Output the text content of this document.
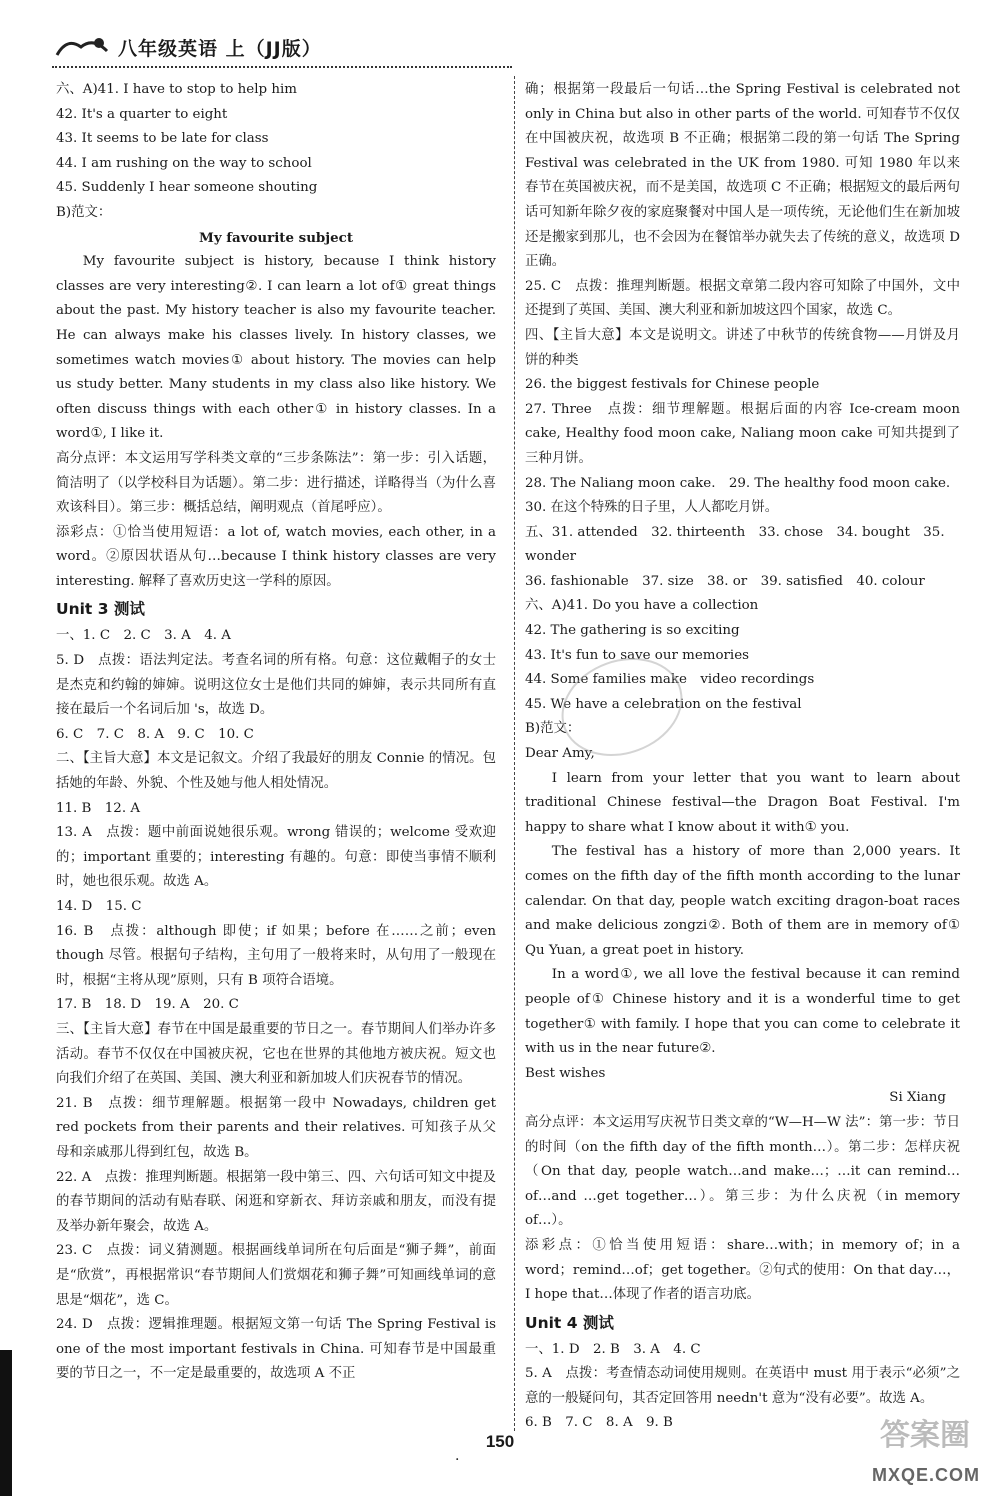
八年级英语 上（JJ版）

六、A)41. I have to stop to help him

42. It's a quarter to eight

43. It seems to be late for class

44. I am rushing on the way to school

45. Suddenly I hear someone shouting

B)范文：

My favourite subject

My favourite subject is history, because I think history classes are very interesting②. I can learn a lot of① great things about the past. My history teacher is also my favourite teacher. He can always make his classes lively. In history classes, we sometimes watch movies① about history. The movies can help us study better. Many students in my class also like history. We often discuss things with each other① in history classes. In a word①, I like it.

高分点评：本文运用写学科类文章的“三步条陈法”：第一步：引入话题，简洁明了（以学校科目为话题）。第二步：进行描述，详略得当（为什么喜欢该科目）。第三步：概括总结，阐明观点（首尾呼应）。

添彩点：①恰当使用短语：a lot of, watch movies, each other, in a word。②原因状语从句…because I think history classes are very interesting. 解释了喜欢历史这一学科的原因。

Unit 3 测试

一、1. C　2. C　3. A　4. A

5. D　点拨：语法判定法。考查名词的所有格。句意：这位戴帽子的女士是杰克和约翰的婶婶。说明这位女士是他们共同的婶婶，表示共同所有直接在最后一个名词后加 's，故选 D。

6. C　7. C　8. A　9. C　10. C

二、【主旨大意】本文是记叙文。介绍了我最好的朋友 Connie 的情况。包括她的年龄、外貌、个性及她与他人相处情况。

11. B　12. A

13. A　点拨：题中前面说她很乐观。wrong 错误的；welcome 受欢迎的；important 重要的；interesting 有趣的。句意：即使当事情不顺利时，她也很乐观。故选 A。

14. D　15. C

16. B　点拨：although 即使；if 如果；before 在……之前；even though 尽管。根据句子结构，主句用了一般将来时，从句用了一般现在时，根据“主将从现”原则，只有 B 项符合语境。

17. B　18. D　19. A　20. C

三、【主旨大意】春节在中国是最重要的节日之一。春节期间人们举办许多活动。春节不仅仅在中国被庆祝，它也在世界的其他地方被庆祝。短文也向我们介绍了在英国、美国、澳大利亚和新加坡人们庆祝春节的情况。

21. B　点拨：细节理解题。根据第一段中 Nowadays, children get red pockets from their parents and their relatives. 可知孩子从父母和亲戚那儿得到红包，故选 B。

22. A　点拨：推理判断题。根据第一段中第三、四、六句话可知文中提及的春节期间的活动有贴春联、闲逛和穿新衣、拜访亲戚和朋友，而没有提及举办新年聚会，故选 A。

23. C　点拨：词义猜测题。根据画线单词所在句后面是“狮子舞”，前面是“欣赏”，再根据常识“春节期间人们赏烟花和狮子舞”可知画线单词的意思是“烟花”，选 C。

24. D　点拨：逻辑推理题。根据短文第一句话 The Spring Festival is one of the most important festivals in China. 可知春节是中国最重要的节日之一，不一定是最重要的，故选项 A 不正

确；根据第一段最后一句话…the Spring Festival is celebrated not only in China but also in other parts of the world. 可知春节不仅仅在中国被庆祝，故选项 B 不正确；根据第二段的第一句话 The Spring Festival was celebrated in the UK from 1980. 可知 1980 年以来春节在英国被庆祝，而不是美国，故选项 C 不正确；根据短文的最后两句话可知新年除夕夜的家庭聚餐对中国人是一项传统，无论他们生在新加坡还是搬家到那儿，也不会因为在餐馆举办就失去了传统的意义，故选项 D 正确。

25. C　点拨：推理判断题。根据文章第二段内容可知除了中国外，文中还提到了英国、美国、澳大利亚和新加坡这四个国家，故选 C。

四、【主旨大意】本文是说明文。讲述了中秋节的传统食物——月饼及月饼的种类

26. the biggest festivals for Chinese people

27. Three　点拨：细节理解题。根据后面的内容 Ice-cream moon cake, Healthy food moon cake, Naliang moon cake 可知共提到了三种月饼。

28. The Naliang moon cake.　29. The healthy food moon cake.

30. 在这个特殊的日子里，人人都吃月饼。

五、31. attended　32. thirteenth　33. chose　34. bought　35. wonder

36. fashionable　37. size　38. or　39. satisfied　40. colour

六、A)41. Do you have a collection

42. The gathering is so exciting

43. It's fun to save our memories

44. Some families make　video recordings

45. We have a celebration on the festival

B)范文：

Dear Amy,

I learn from your letter that you want to learn about traditional Chinese festival—the Dragon Boat Festival. I'm happy to share what I know about it with① you.

The festival has a history of more than 2,000 years. It comes on the fifth day of the fifth month according to the lunar calendar. On that day, people watch exciting dragon-boat races and make delicious zongzi②. Both of them are in memory of① Qu Yuan, a great poet in history.

In a word①, we all love the festival because it can remind people of① Chinese history and it is a wonderful time to get together① with family. I hope that you can come to celebrate it with us in the near future②.

Best wishes

Si Xiang

高分点评：本文运用写庆祝节日类文章的“W—H—W 法”：第一步：节日的时间（on the fifth day of the fifth month…）。第二步：怎样庆祝（On that day, people watch…and make…；…it can remind…of…and …get together…）。第三步：为什么庆祝（in memory of…）。

添彩点：①恰当使用短语：share…with；in memory of；in a word；remind…of；get together。②句式的使用：On that day…，I hope that…体现了作者的语言功底。

Unit 4 测试

一、1. D　2. B　3. A　4. C

5. A　点拨：考查情态动词使用规则。在英语中 must 用于表示“必须”之意的一般疑问句，其否定回答用 needn't 意为“没有必要”。故选 A。

6. B　7. C　8. A　9. B

·
150	答案圈
MXQE.COM
